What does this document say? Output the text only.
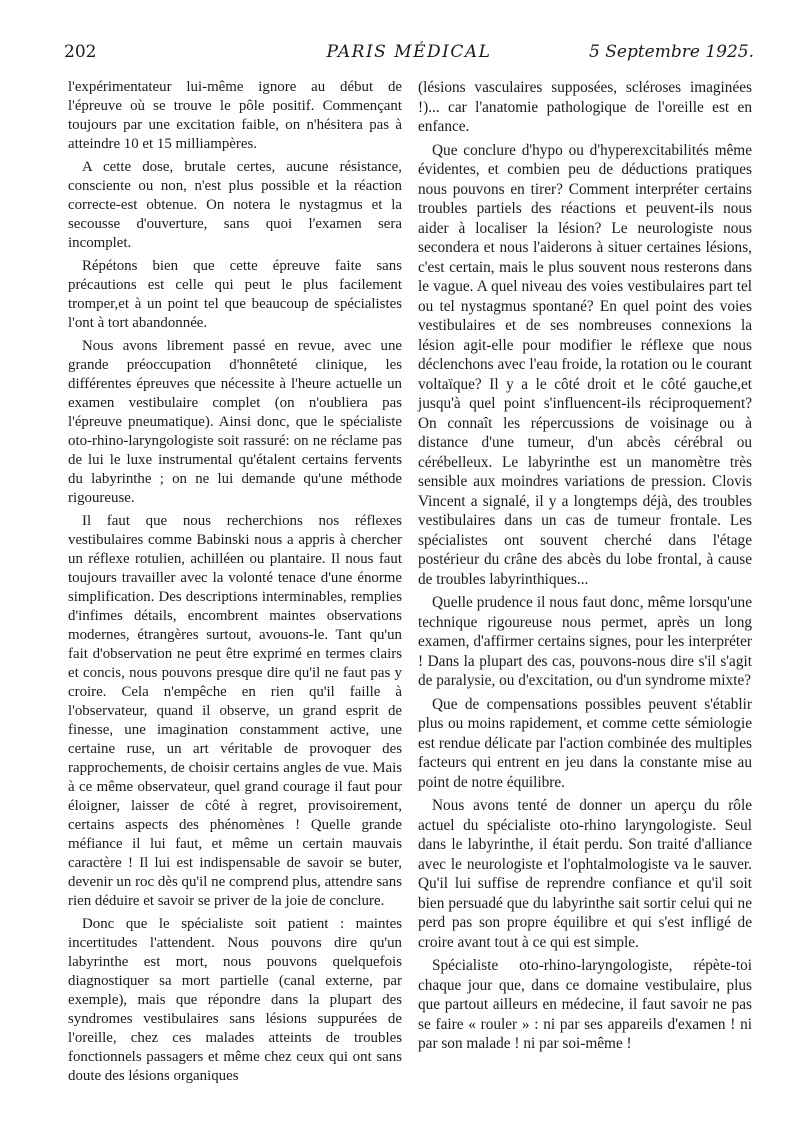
202	PARIS MÉDICAL	5 Septembre 1925.

l'expérimentateur lui-même ignore au début de l'épreuve où se trouve le pôle positif. Commençant toujours par une excitation faible, on n'hésitera pas à atteindre 10 et 15 milliampères.

A cette dose, brutale certes, aucune résistance, consciente ou non, n'est plus possible et la réaction correcte-est obtenue. On notera le nystagmus et la secousse d'ouverture, sans quoi l'examen sera incomplet.

Répétons bien que cette épreuve faite sans précautions est celle qui peut le plus facilement tromper,et à un point tel que beaucoup de spécialistes l'ont à tort abandonnée.

Nous avons librement passé en revue, avec une grande préoccupation d'honnêteté clinique, les différentes épreuves que nécessite à l'heure actuelle un examen vestibulaire complet (on n'oubliera pas l'épreuve pneumatique). Ainsi donc, que le spécialiste oto-rhino-laryngologiste soit rassuré: on ne réclame pas de lui le luxe instrumental qu'étalent certains fervents du labyrinthe ; on ne lui demande qu'une méthode rigoureuse.

Il faut que nous recherchions nos réflexes vestibulaires comme Babinski nous a appris à chercher un réflexe rotulien, achilléen ou plantaire. Il nous faut toujours travailler avec la volonté tenace d'une énorme simplification. Des descriptions interminables, remplies d'infimes détails, encombrent maintes observations modernes, étrangères surtout, avouons-le. Tant qu'un fait d'observation ne peut être exprimé en termes clairs et concis, nous pouvons presque dire qu'il ne faut pas y croire. Cela n'empêche en rien qu'il faille à l'observateur, quand il observe, un grand esprit de finesse, une imagination constamment active, une certaine ruse, un art véritable de provoquer des rapprochements, de choisir certains angles de vue. Mais à ce même observateur, quel grand courage il faut pour éloigner, laisser de côté à regret, provisoirement, certains aspects des phénomènes ! Quelle grande méfiance il lui faut, et même un certain mauvais caractère ! Il lui est indispensable de savoir se buter, devenir un roc dès qu'il ne comprend plus, attendre sans rien déduire et savoir se priver de la joie de conclure.

Donc que le spécialiste soit patient : maintes incertitudes l'attendent. Nous pouvons dire qu'un labyrinthe est mort, nous pouvons quelquefois diagnostiquer sa mort partielle (canal externe, par exemple), mais que répondre dans la plupart des syndromes vestibulaires sans lésions suppurées de l'oreille, chez ces malades atteints de troubles fonctionnels passagers et même chez ceux qui ont sans doute des lésions organiques

(lésions vasculaires supposées, scléroses imaginées !)... car l'anatomie pathologique de l'oreille est en enfance.

Que conclure d'hypo ou d'hyperexcitabilités même évidentes, et combien peu de déductions pratiques nous pouvons en tirer? Comment interpréter certains troubles partiels des réactions et peuvent-ils nous aider à localiser la lésion? Le neurologiste nous secondera et nous l'aiderons à situer certaines lésions, c'est certain, mais le plus souvent nous resterons dans le vague. A quel niveau des voies vestibulaires part tel ou tel nystagmus spontané? En quel point des voies vestibulaires et de ses nombreuses connexions la lésion agit-elle pour modifier le réflexe que nous déclenchons avec l'eau froide, la rotation ou le courant voltaïque? Il y a le côté droit et le côté gauche,et jusqu'à quel point s'influencent-ils réciproquement? On connaît les répercussions de voisinage ou à distance d'une tumeur, d'un abcès cérébral ou cérébelleux. Le labyrinthe est un manomètre très sensible aux moindres variations de pression. Clovis Vincent a signalé, il y a longtemps déjà, des troubles vestibulaires dans un cas de tumeur frontale. Les spécialistes ont souvent cherché dans l'étage postérieur du crâne des abcès du lobe frontal, à cause de troubles labyrinthiques...

Quelle prudence il nous faut donc, même lorsqu'une technique rigoureuse nous permet, après un long examen, d'affirmer certains signes, pour les interpréter ! Dans la plupart des cas, pouvons-nous dire s'il s'agit de paralysie, ou d'excitation, ou d'un syndrome mixte?

Que de compensations possibles peuvent s'établir plus ou moins rapidement, et comme cette sémiologie est rendue délicate par l'action combinée des multiples facteurs qui entrent en jeu dans la constante mise au point de notre équilibre.

Nous avons tenté de donner un aperçu du rôle actuel du spécialiste oto-rhino laryngologiste. Seul dans le labyrinthe, il était perdu. Son traité d'alliance avec le neurologiste et l'ophtalmologiste va le sauver. Qu'il lui suffise de reprendre confiance et qu'il soit bien persuadé que du labyrinthe sait sortir celui qui ne perd pas son propre équilibre et qui s'est infligé de croire avant tout à ce qui est simple.

Spécialiste oto-rhino-laryngologiste, répète-toi chaque jour que, dans ce domaine vestibulaire, plus que partout ailleurs en médecine, il faut savoir ne pas se faire « rouler » : ni par ses appareils d'examen ! ni par son malade ! ni par soi-même !
